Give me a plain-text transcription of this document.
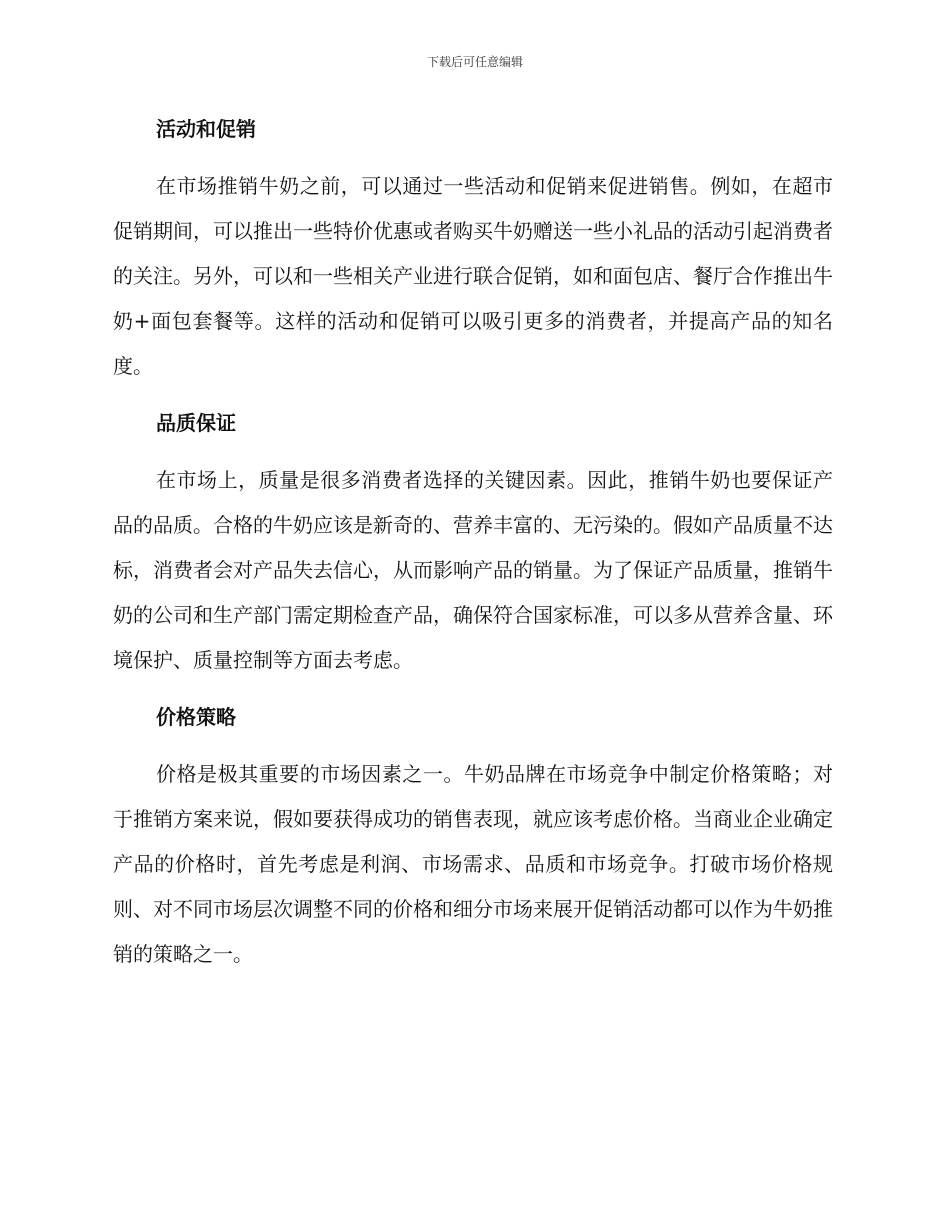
下载后可任意编辑
活动和促销

在市场推销牛奶之前，可以通过一些活动和促销来促进销售。例如，在超市促销期间，可以推出一些特价优惠或者购买牛奶赠送一些小礼品的活动引起消费者的关注。另外，可以和一些相关产业进行联合促销，如和面包店、餐厅合作推出牛奶+面包套餐等。这样的活动和促销可以吸引更多的消费者，并提高产品的知名度。

品质保证

在市场上，质量是很多消费者选择的关键因素。因此，推销牛奶也要保证产品的品质。合格的牛奶应该是新奇的、营养丰富的、无污染的。假如产品质量不达标，消费者会对产品失去信心，从而影响产品的销量。为了保证产品质量，推销牛奶的公司和生产部门需定期检查产品，确保符合国家标准，可以多从营养含量、环境保护、质量控制等方面去考虑。

价格策略

价格是极其重要的市场因素之一。牛奶品牌在市场竞争中制定价格策略；对于推销方案来说，假如要获得成功的销售表现，就应该考虑价格。当商业企业确定产品的价格时，首先考虑是利润、市场需求、品质和市场竞争。打破市场价格规则、对不同市场层次调整不同的价格和细分市场来展开促销活动都可以作为牛奶推销的策略之一。
